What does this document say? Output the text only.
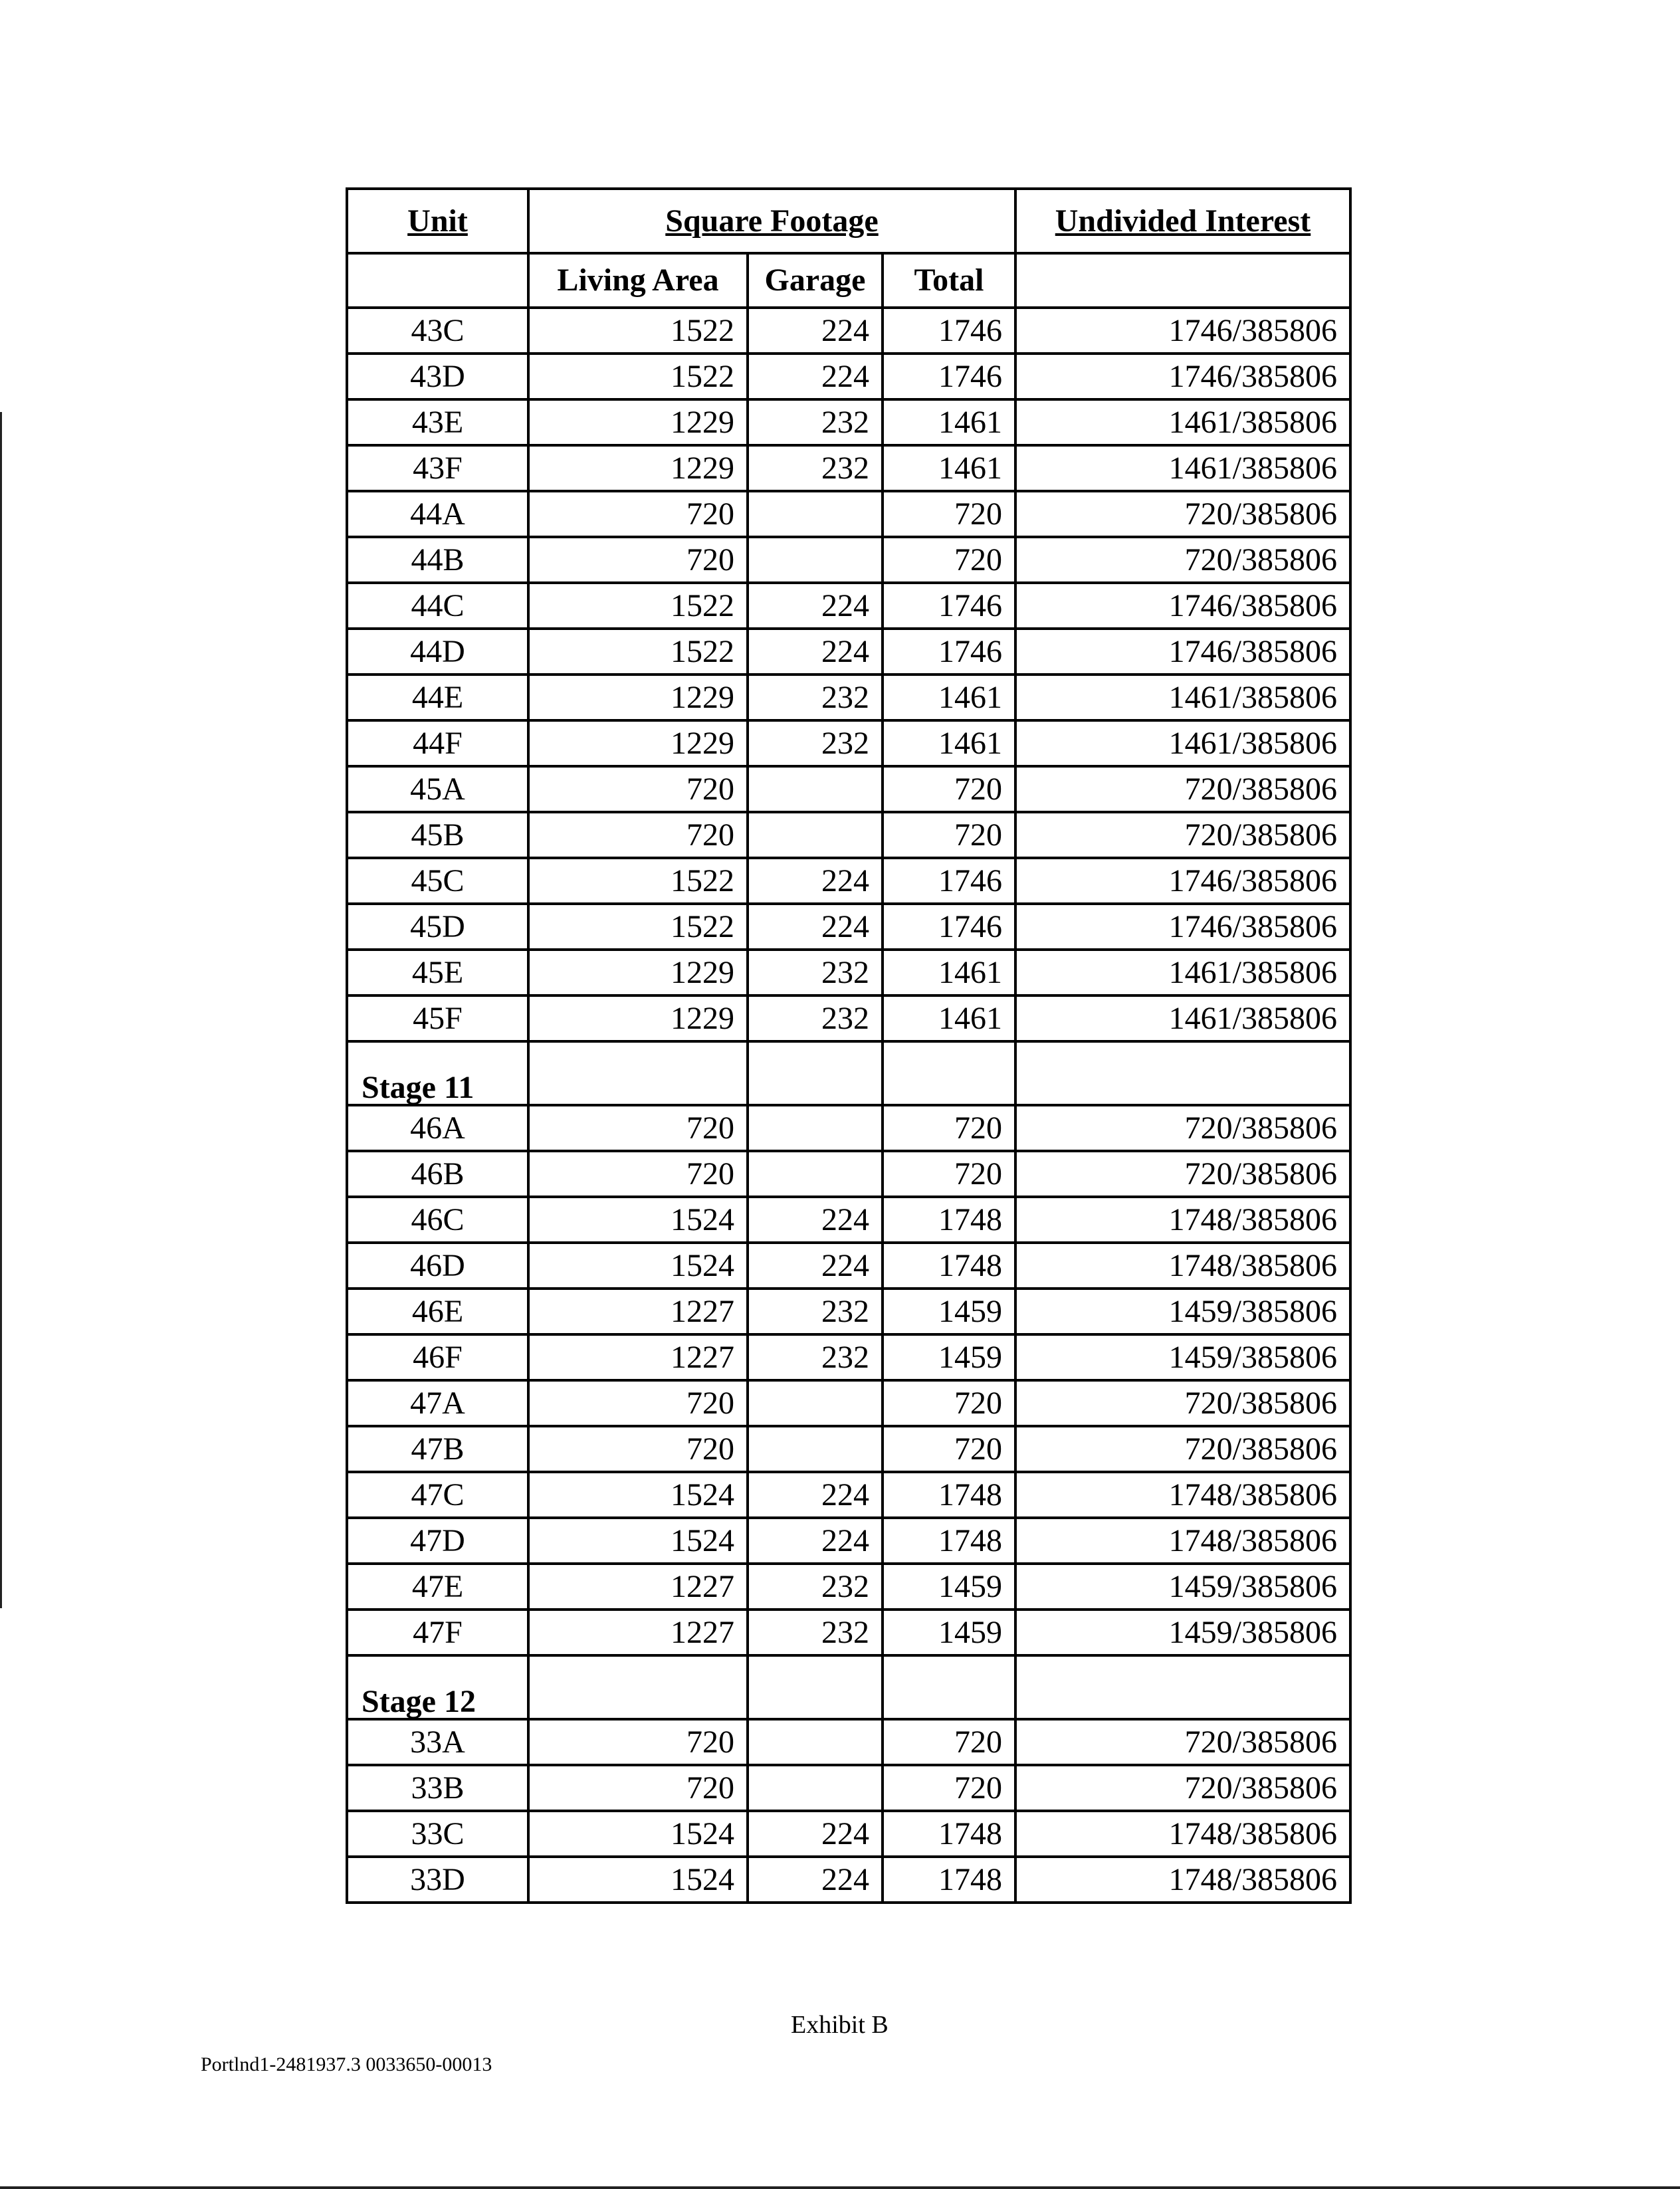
Unit	Square Footage			Undivided Interest
	Living Area	Garage	Total	
43C	1522	224	1746	1746/385806
43D	1522	224	1746	1746/385806
43E	1229	232	1461	1461/385806
43F	1229	232	1461	1461/385806
44A	720		720	720/385806
44B	720		720	720/385806
44C	1522	224	1746	1746/385806
44D	1522	224	1746	1746/385806
44E	1229	232	1461	1461/385806
44F	1229	232	1461	1461/385806
45A	720		720	720/385806
45B	720		720	720/385806
45C	1522	224	1746	1746/385806
45D	1522	224	1746	1746/385806
45E	1229	232	1461	1461/385806
45F	1229	232	1461	1461/385806
Stage 11				
46A	720		720	720/385806
46B	720		720	720/385806
46C	1524	224	1748	1748/385806
46D	1524	224	1748	1748/385806
46E	1227	232	1459	1459/385806
46F	1227	232	1459	1459/385806
47A	720		720	720/385806
47B	720		720	720/385806
47C	1524	224	1748	1748/385806
47D	1524	224	1748	1748/385806
47E	1227	232	1459	1459/385806
47F	1227	232	1459	1459/385806
Stage 12				
33A	720		720	720/385806
33B	720		720	720/385806
33C	1524	224	1748	1748/385806
33D	1524	224	1748	1748/385806
Exhibit B
Portlnd1-2481937.3 0033650-00013
